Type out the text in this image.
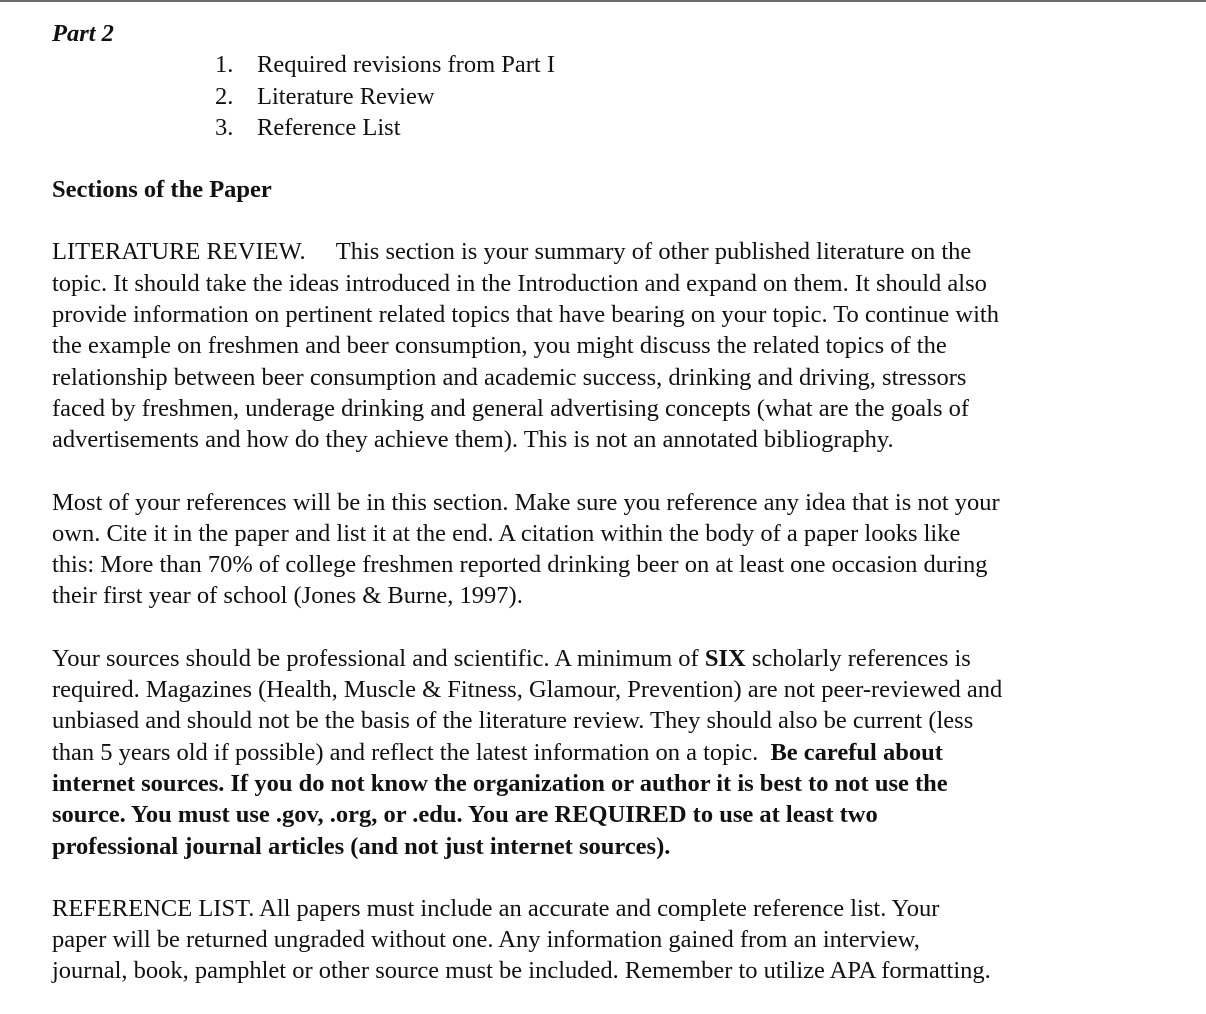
Part 2

1. Required revisions from Part I
2. Literature Review
3. Reference List

Sections of the Paper

LITERATURE REVIEW.     This section is your summary of other published literature on the
topic. It should take the ideas introduced in the Introduction and expand on them. It should also
provide information on pertinent related topics that have bearing on your topic. To continue with
the example on freshmen and beer consumption, you might discuss the related topics of the
relationship between beer consumption and academic success, drinking and driving, stressors
faced by freshmen, underage drinking and general advertising concepts (what are the goals of
advertisements and how do they achieve them). This is not an annotated bibliography.

Most of your references will be in this section. Make sure you reference any idea that is not your
own. Cite it in the paper and list it at the end. A citation within the body of a paper looks like
this: More than 70% of college freshmen reported drinking beer on at least one occasion during
their first year of school (Jones & Burne, 1997).

Your sources should be professional and scientific. A minimum of SIX scholarly references is
required. Magazines (Health, Muscle & Fitness, Glamour, Prevention) are not peer-reviewed and
unbiased and should not be the basis of the literature review. They should also be current (less
than 5 years old if possible) and reflect the latest information on a topic.  Be careful about
internet sources. If you do not know the organization or author it is best to not use the
source. You must use .gov, .org, or .edu. You are REQUIRED to use at least two
professional journal articles (and not just internet sources).

REFERENCE LIST. All papers must include an accurate and complete reference list. Your
paper will be returned ungraded without one. Any information gained from an interview,
journal, book, pamphlet or other source must be included. Remember to utilize APA formatting.
